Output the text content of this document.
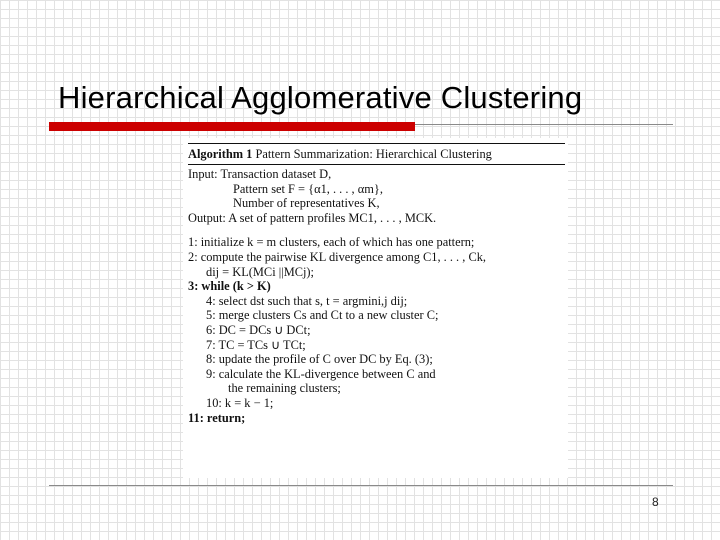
Hierarchical Agglomerative Clustering
Algorithm 1 Pattern Summarization: Hierarchical Clustering
Input: Transaction dataset D,
Pattern set F = {α1, . . . , αm},
Number of representatives K,
Output: A set of pattern profiles MC1, . . . , MCK.
1: initialize k = m clusters, each of which has one pattern;
2: compute the pairwise KL divergence among C1, . . . , Ck,
dij = KL(MCi ||MCj);
3: while (k > K)
4: select dst such that s, t = argmini,j dij;
5: merge clusters Cs and Ct to a new cluster C;
6: DC = DCs ∪ DCt;
7: TC = TCs ∪ TCt;
8: update the profile of C over DC by Eq. (3);
9: calculate the KL-divergence between C and
the remaining clusters;
10: k = k − 1;
11: return;
8
